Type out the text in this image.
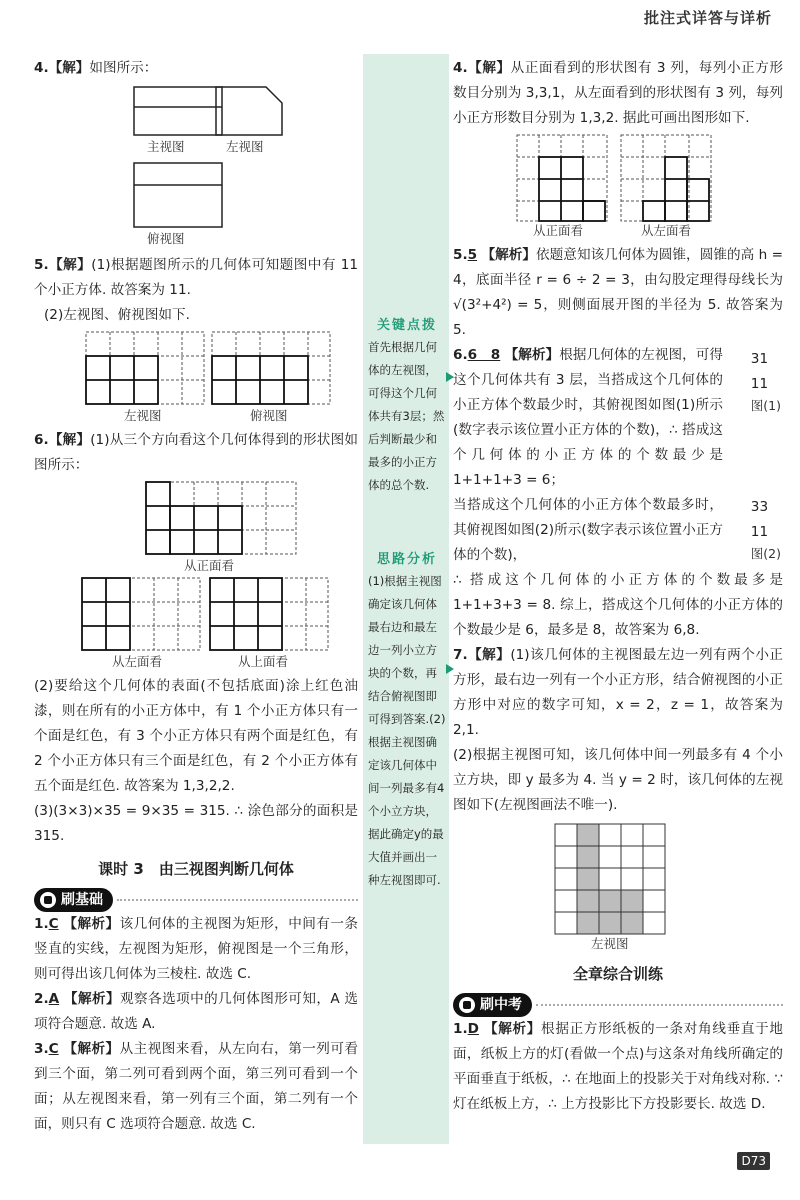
批注式详答与详析
4.【解】如图所示：
主视图	左视图
俯视图
5.【解】(1)根据题图所示的几何体可知题图中有 11 个小正方体. 故答案为 11.
(2)左视图、俯视图如下.
左视图	俯视图
6.【解】(1)从三个方向看这个几何体得到的形状图如图所示：
从正面看
从左面看	从上面看
(2)要给这个几何体的表面(不包括底面)涂上红色油漆，则在所有的小正方体中，有 1 个小正方体只有一个面是红色，有 3 个小正方体只有两个面是红色，有 2 个小正方体只有三个面是红色，有 2 个小正方体有五个面是红色. 故答案为 1,3,2,2.
(3)(3×3)×35 = 9×35 = 315. ∴ 涂色部分的面积是 315.
课时 3　由三视图判断几何体
刷基础
1.C 【解析】该几何体的主视图为矩形，中间有一条竖直的实线，左视图为矩形，俯视图是一个三角形，则可得出该几何体为三棱柱. 故选 C.
2.A 【解析】观察各选项中的几何体图形可知，A 选项符合题意. 故选 A.
3.C 【解析】从主视图来看，从左向右，第一列可看到三个面，第二列可看到两个面，第三列可看到一个面；从左视图来看，第一列有三个面，第二列有一个面，则只有 C 选项符合题意. 故选 C.
关键点拨
首先根据几何体的左视图，可得这个几何体共有3层；然后判断最少和最多的小正方体的总个数.
思路分析
(1)根据主视图确定该几何体最右边和最左边一列小立方块的个数，再结合俯视图即可得到答案.(2)根据主视图确定该几何体中间一列最多有4个小立方块，据此确定y的最大值并画出一种左视图即可.
4.【解】从正面看到的形状图有 3 列，每列小正方形数目分别为 3,3,1，从左面看到的形状图有 3 列，每列小正方形数目分别为 1,3,2. 据此可画出图形如下.
从正面看	从左面看
5.5 【解析】依题意知该几何体为圆锥，圆锥的高 h = 4，底面半径 r = 6 ÷ 2 = 3，由勾股定理得母线长为 √(3²+4²) = 5，则侧面展开图的半径为 5. 故答案为 5.
6.6　8 【解析】根据几何体的左视图，可得这个几何体共有 3 层，当搭成这个几何体的小正方体个数最少时，其俯视图如图(1)所示(数字表示该位置小正方体的个数)，∴ 搭成这个几何体的小正方体的个数最少是 1+1+1+3 = 6；
3	1
1	1
图(1)
当搭成这个几何体的小正方体个数最多时，其俯视图如图(2)所示(数字表示该位置小正方体的个数)，
3	3
1	1
图(2)
∴ 搭成这个几何体的小正方体的个数最多是 1+1+3+3 = 8. 综上，搭成这个几何体的小正方体的个数最少是 6，最多是 8，故答案为 6,8.
7.【解】(1)该几何体的主视图最左边一列有两个小正方形，最右边一列有一个小正方形，结合俯视图的小正方形中对应的数字可知，x = 2，z = 1，故答案为 2,1.
(2)根据主视图可知，该几何体中间一列最多有 4 个小立方块，即 y 最多为 4. 当 y = 2 时，该几何体的左视图如下(左视图画法不唯一).
左视图
全章综合训练
刷中考
1.D 【解析】根据正方形纸板的一条对角线垂直于地面，纸板上方的灯(看做一个点)与这条对角线所确定的平面垂直于纸板，∴ 在地面上的投影关于对角线对称. ∵ 灯在纸板上方，∴ 上方投影比下方投影要长. 故选 D.
D73
